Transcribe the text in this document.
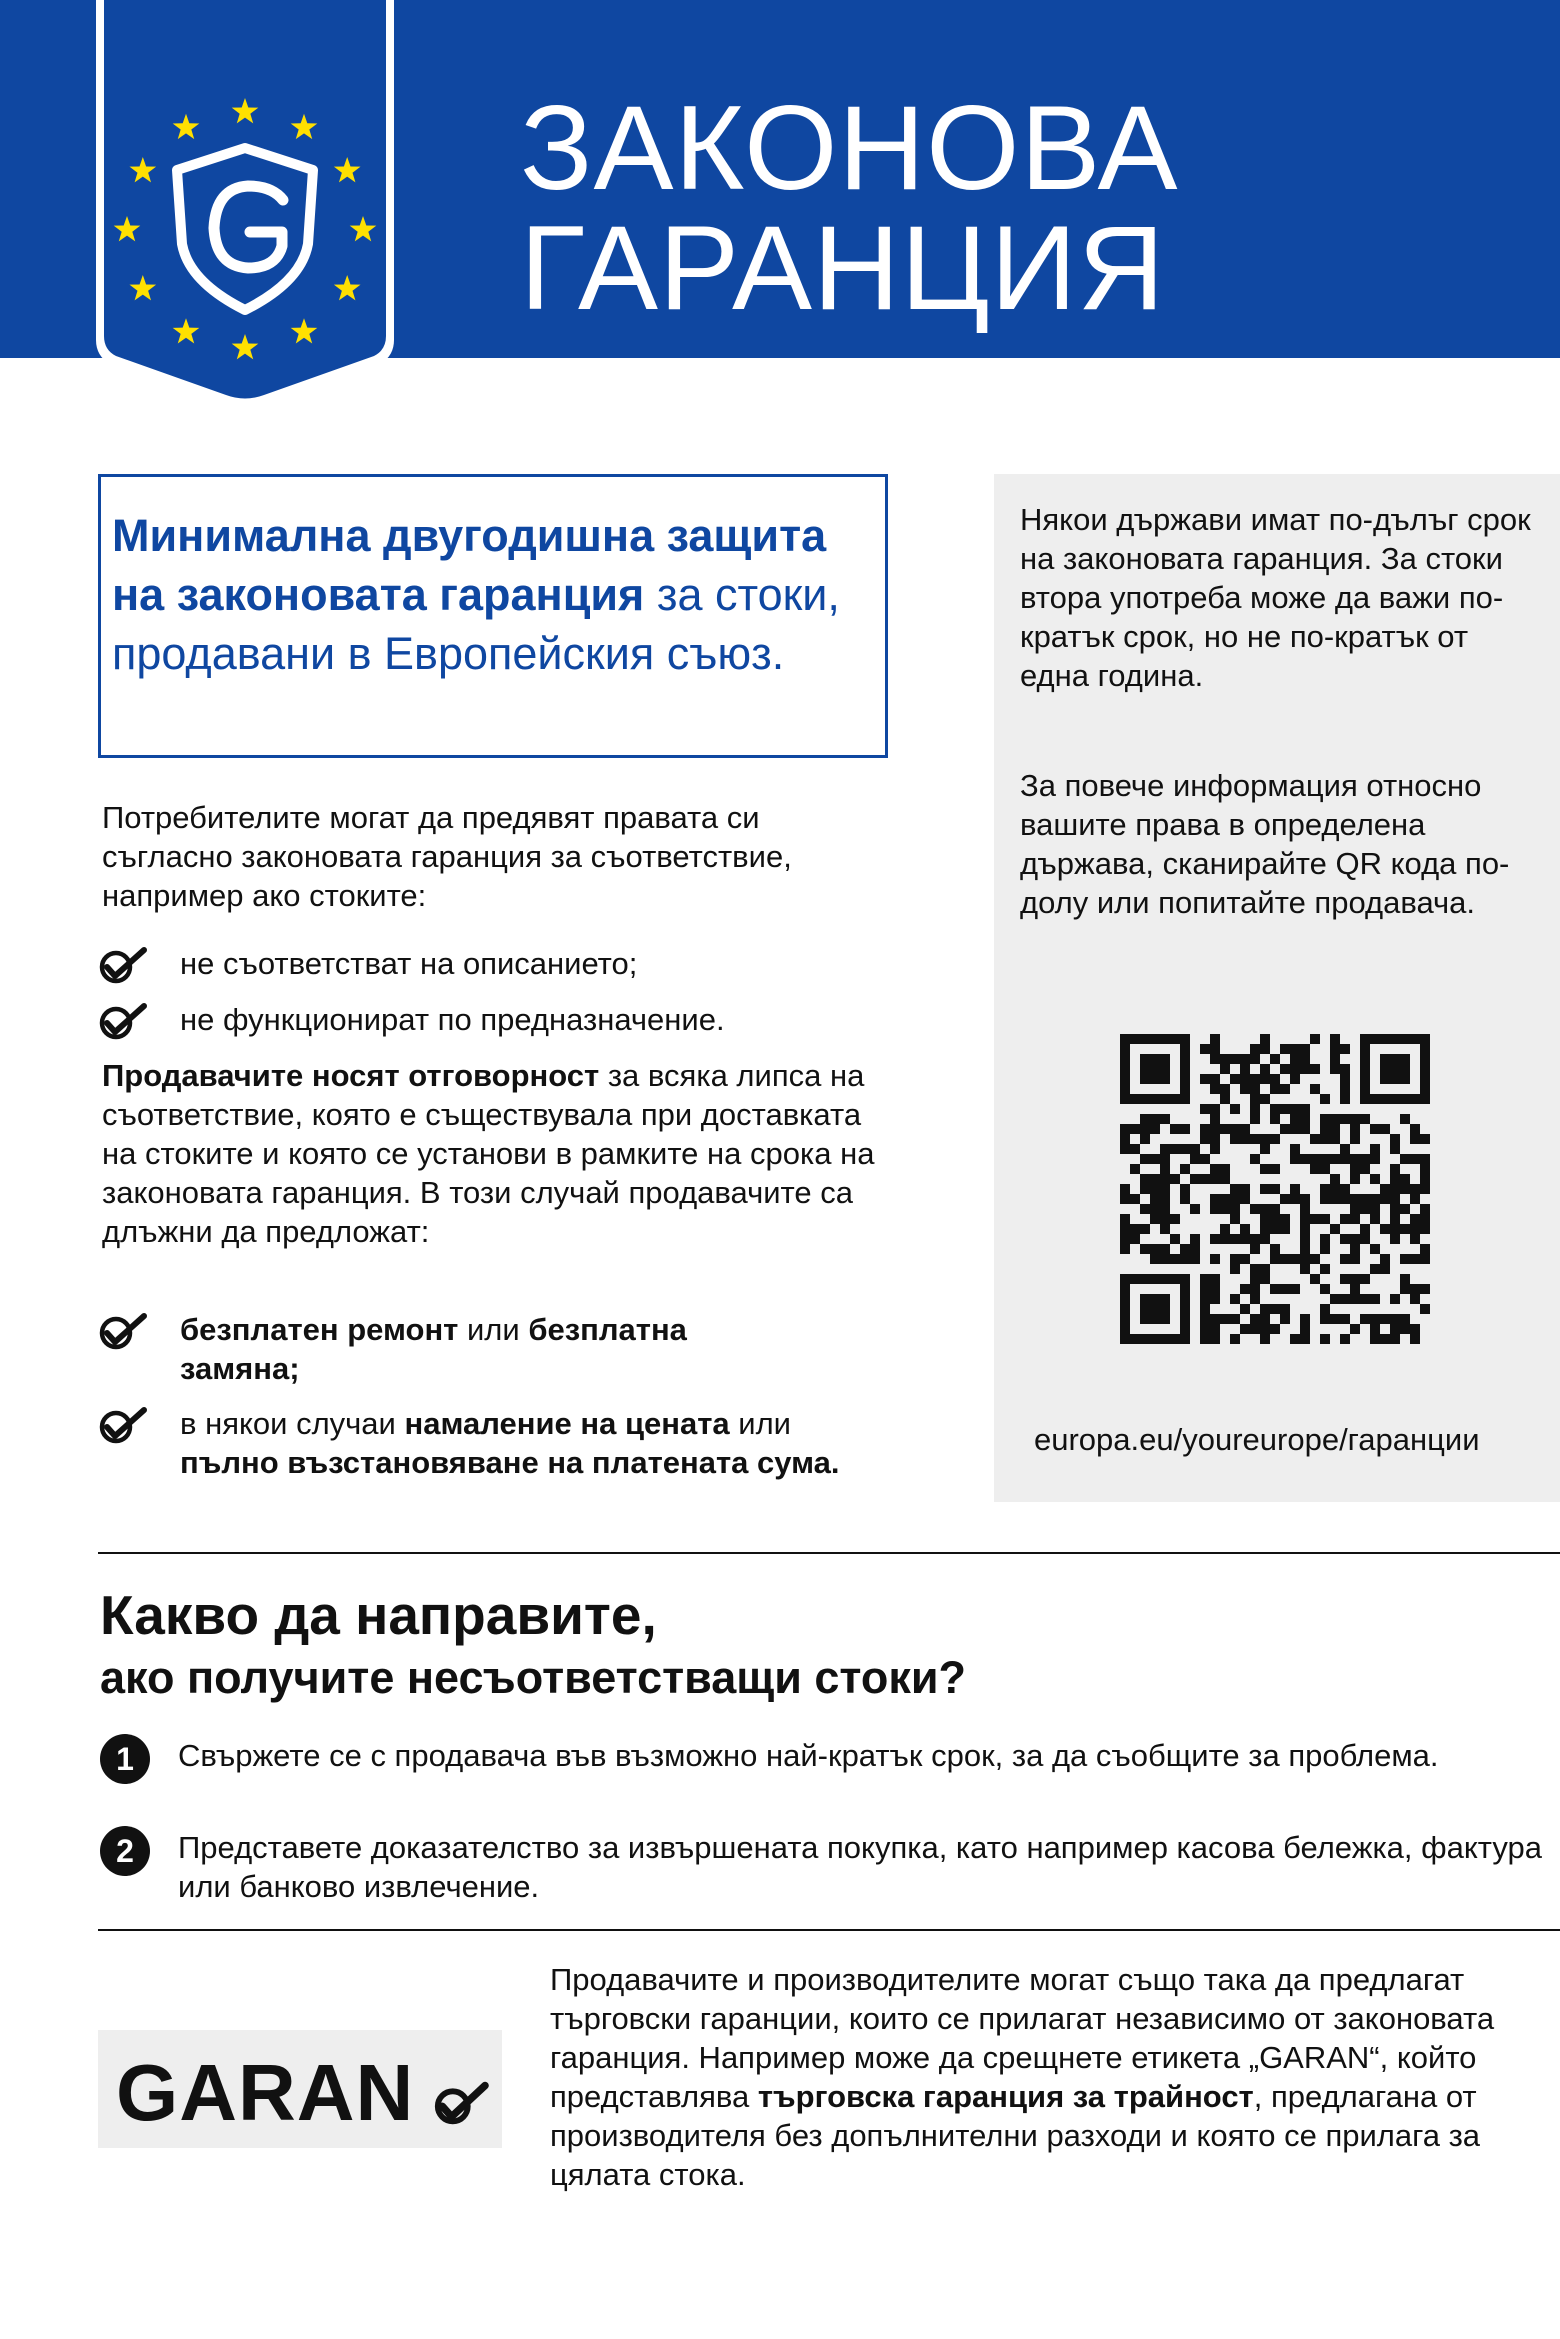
ЗАКОНОВА
ГАРАНЦИЯ
Минимална двугодишна защита на законовата гаранция за стоки, продавани в Европейския съюз.
Потребителите могат да предявят правата си съгласно законовата гаранция за съответствие, например ако стоките:
не съответстват на описанието;
не функционират по предназначение.
Продавачите носят отговорност за всяка липса на съответствие, която е съществувала при доставката на стоките и която се установи в рамките на срока на законовата гаранция. В този случай продавачите са длъжни да предложат:
безплатен ремонт или безплатна
замяна;
в някои случаи намаление на цената или
пълно възстановяване на платената сума.
Някои държави имат по-дълъг срок на законовата гаранция. За стоки втора употреба може да важи по-кратък срок, но не по-кратък от една година.
За повече информация относно вашите права в определена държава, сканирайте QR кода по-долу или попитайте продавача.
europa.eu/youreurope/гаранции
Какво да направите,
ако получите несъответстващи стоки?
1	Свържете се с продавача във възможно най-кратък срок, за да съобщите за проблема.
2	Представете доказателство за извършената покупка, като например касова бележка, фактура или банково извлечение.
GARAN
Продавачите и производителите могат също така да предлагат търговски гаранции, които се прилагат независимо от законовата гаранция. Например може да срещнете етикета „GARAN“, който представлява търговска гаранция за трайност, предлагана от производителя без допълнителни разходи и която се прилага за цялата стока.
